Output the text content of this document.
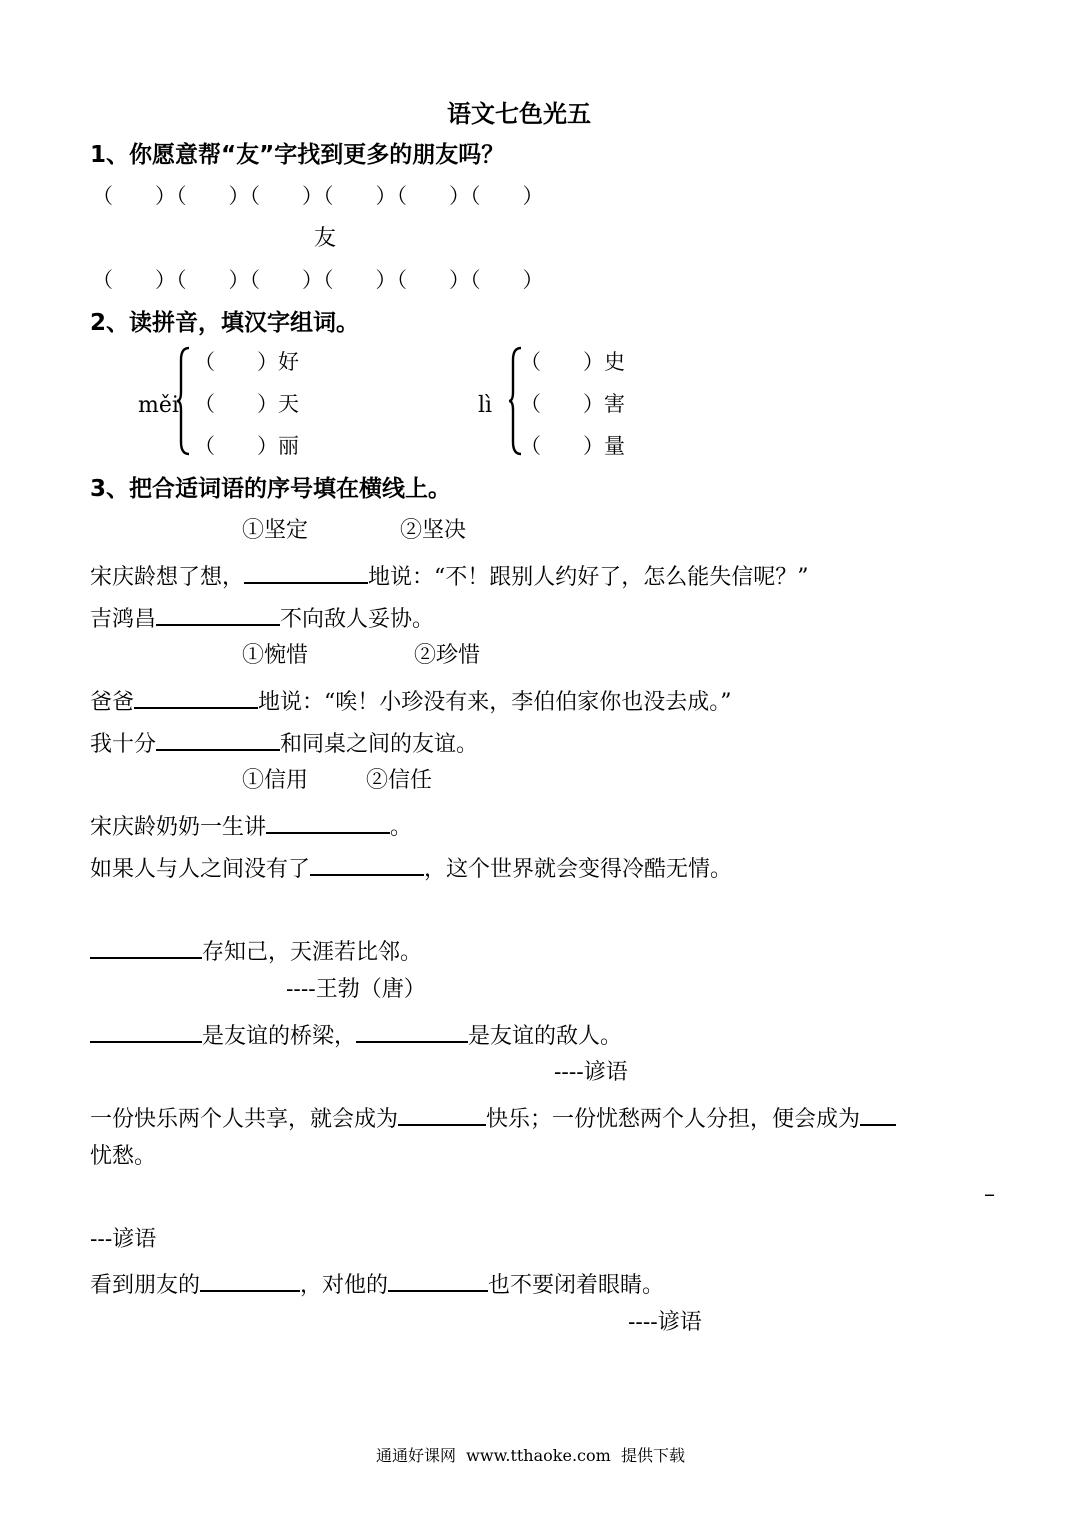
语文七色光五
1、你愿意帮“友”字找到更多的朋友吗？
（　　）（　　）（　　）（　　）（　　）（　　）
友
（　　）（　　）（　　）（　　）（　　）（　　）
2、读拼音，填汉字组词。
měi
（　　）好
（　　）天
（　　）丽
lì
（　　）史
（　　）害
（　　）量
3、把合适词语的序号填在横线上。
①坚定	②坚决
宋庆龄想了想，	地说：“不！跟别人约好了，怎么能失信呢？”
吉鸿昌	不向敌人妥协。
①惋惜	②珍惜
爸爸	地说：“唉！小珍没有来，李伯伯家你也没去成。”
我十分	和同桌之间的友谊。
①信用	②信任
宋庆龄奶奶一生讲	。
如果人与人之间没有了	，这个世界就会变得冷酷无情。
存知己，天涯若比邻。
----王勃（唐）
是友谊的桥梁，	是友谊的敌人。
----谚语
一份快乐两个人共享，就会成为	快乐；一份忧愁两个人分担，便会成为
忧愁。
–
---谚语
看到朋友的	，对他的	也不要闭着眼睛。
----谚语
通通好课网  www.tthaoke.com  提供下载
